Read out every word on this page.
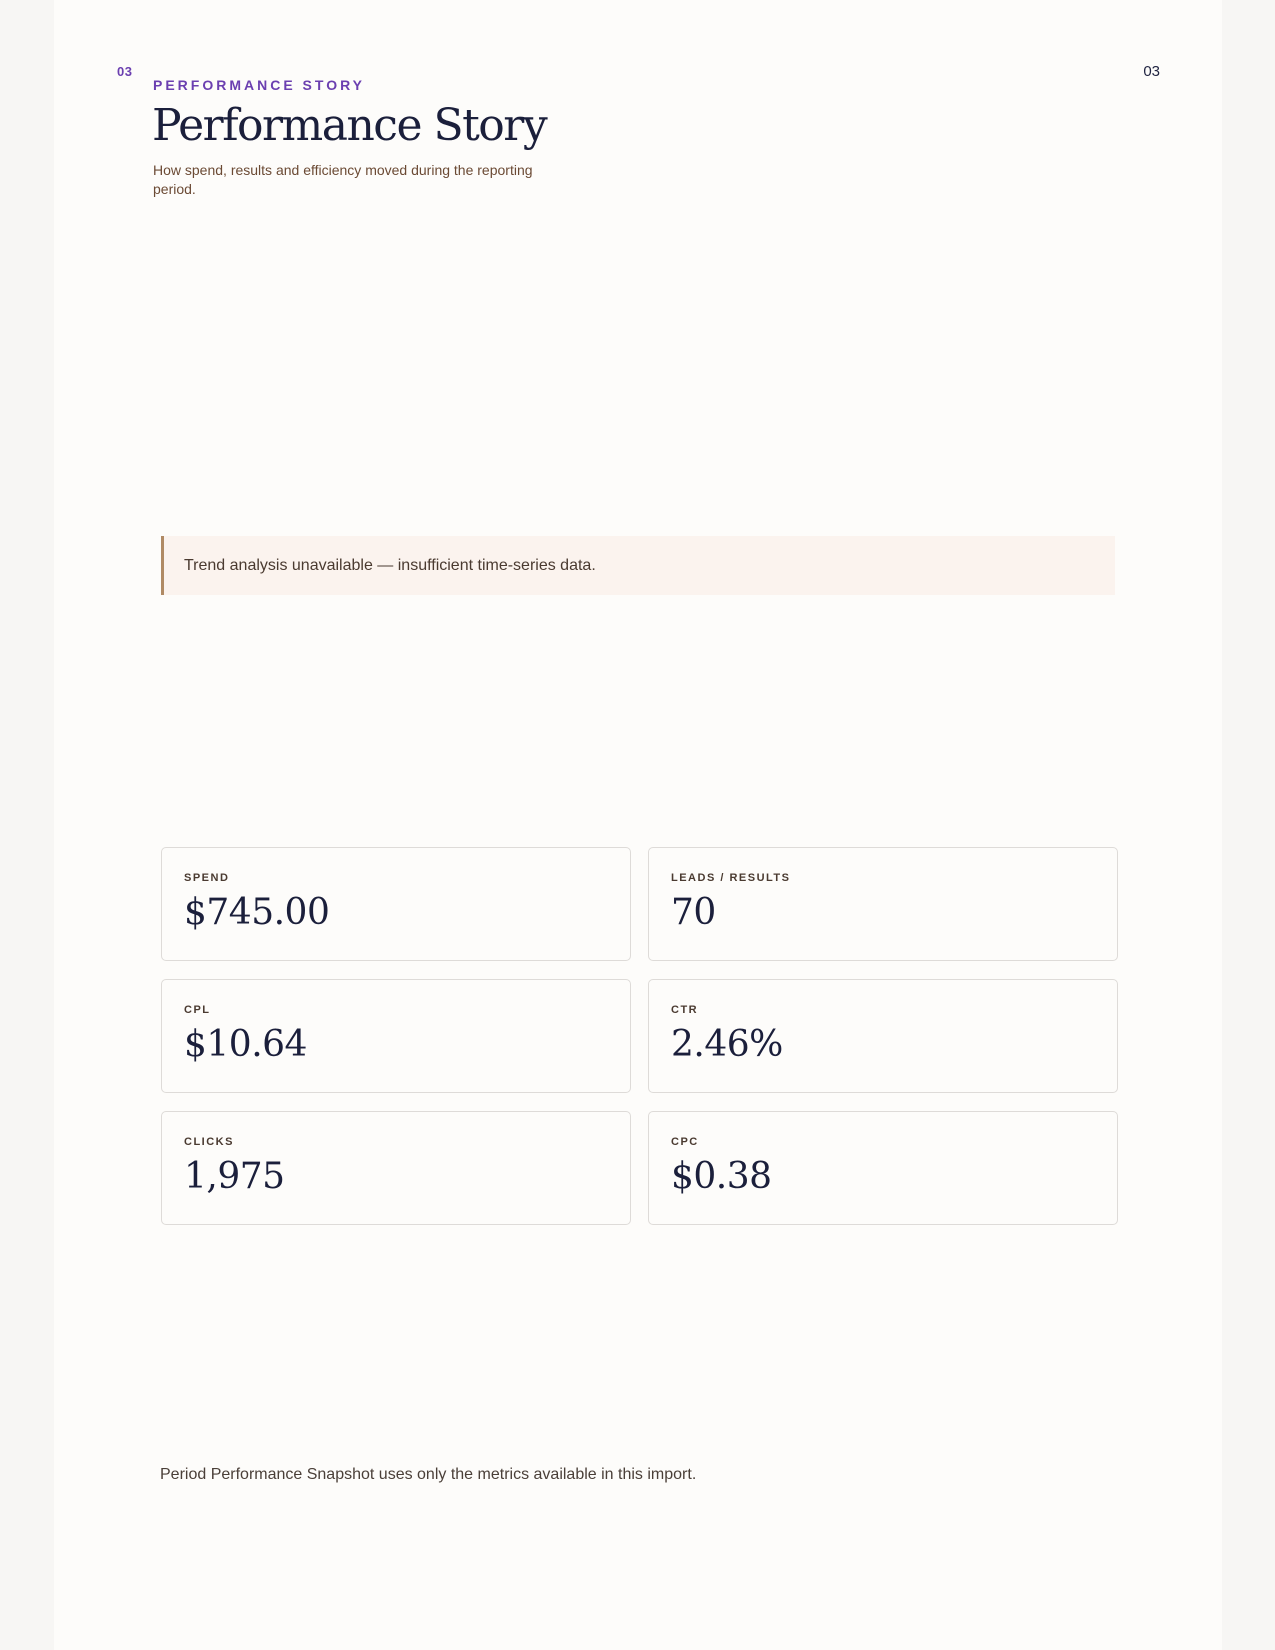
03	03
PERFORMANCE STORY
Performance Story
How spend, results and efficiency moved during the reporting period.
Trend analysis unavailable — insufficient time-series data.
SPEND
$745.00
LEADS / RESULTS
70
CPL
$10.64
CTR
2.46%
CLICKS
1,975
CPC
$0.38
Period Performance Snapshot uses only the metrics available in this import.
